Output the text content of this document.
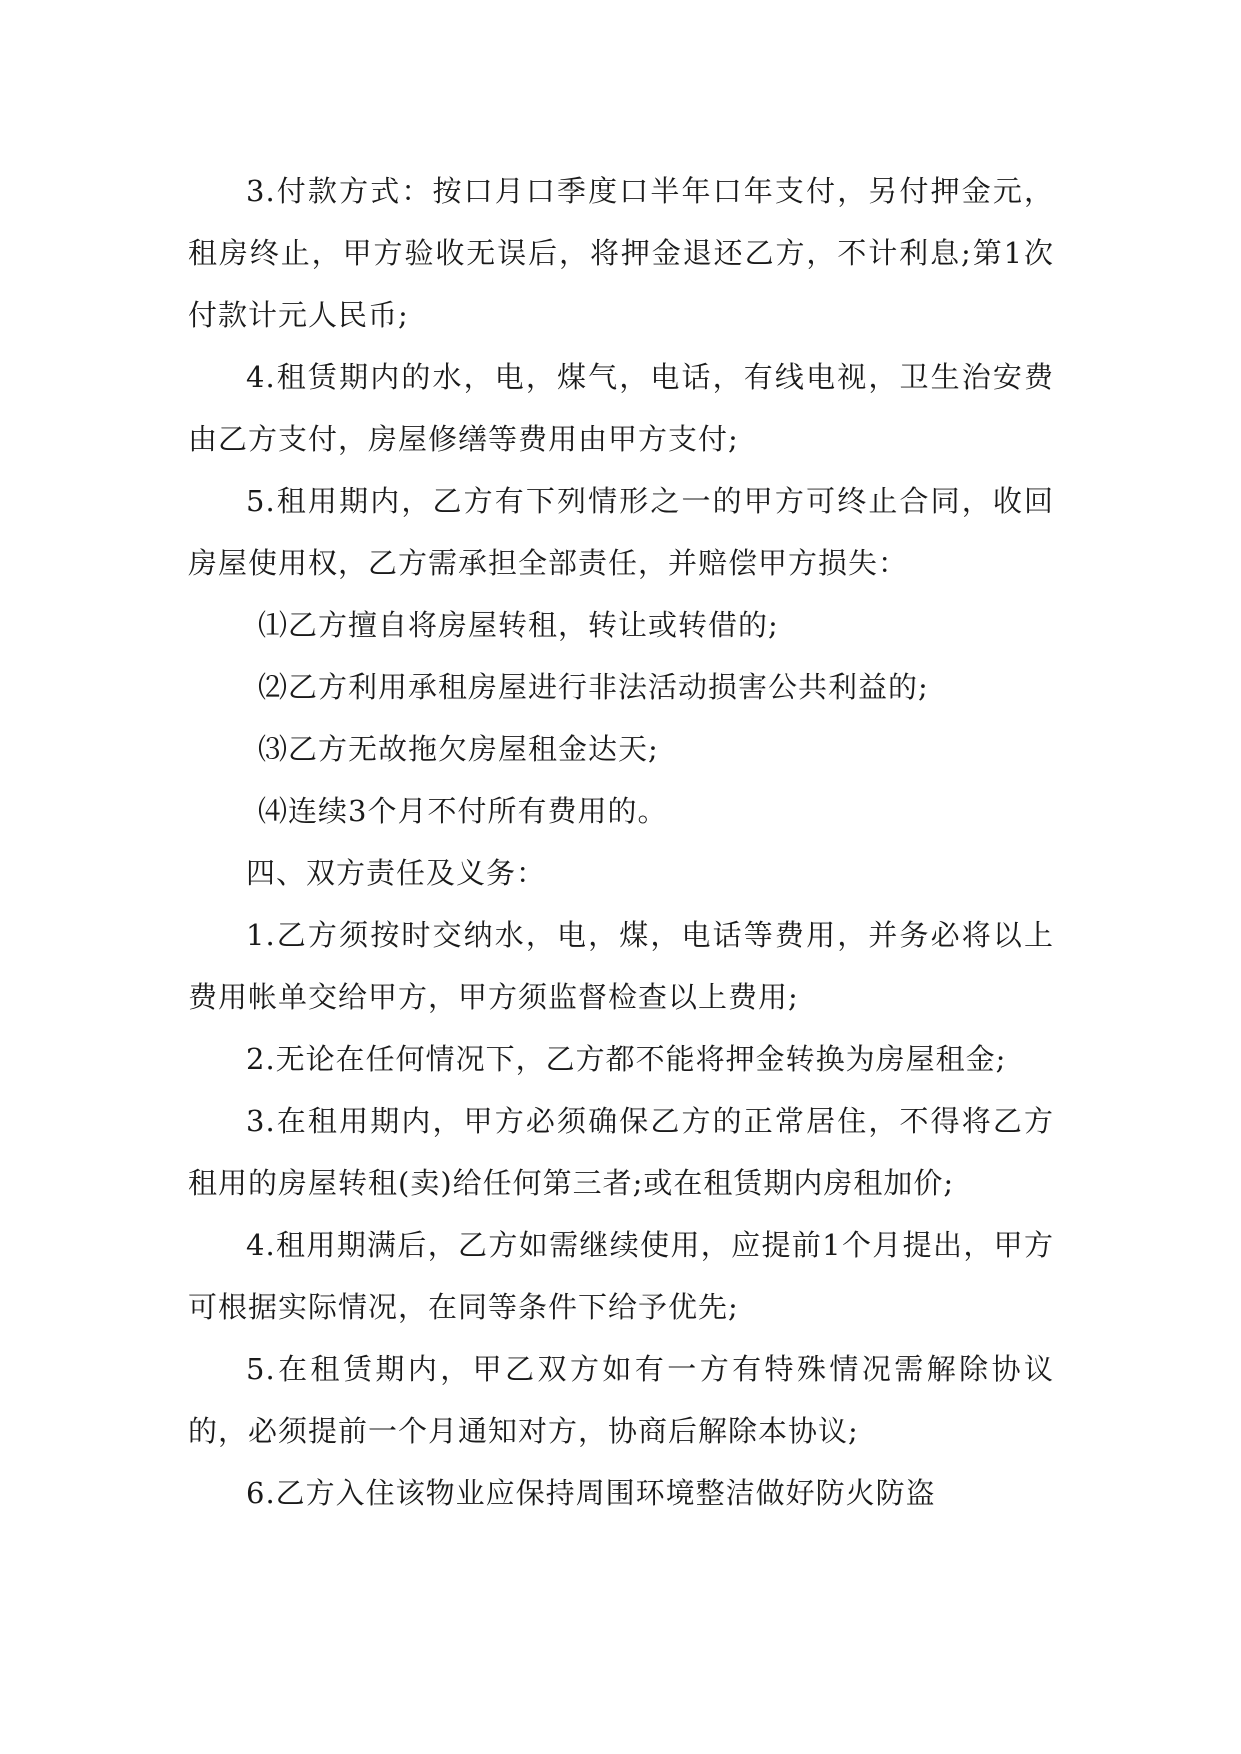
3.付款方式：按口月口季度口半年口年支付，另付押金元，租房终止，甲方验收无误后，将押金退还乙方，不计利息;第1次付款计元人民币;

4.租赁期内的水，电，煤气，电话，有线电视，卫生治安费由乙方支付，房屋修缮等费用由甲方支付;

5.租用期内，乙方有下列情形之一的甲方可终止合同，收回房屋使用权，乙方需承担全部责任，并赔偿甲方损失：

⑴乙方擅自将房屋转租，转让或转借的;

⑵乙方利用承租房屋进行非法活动损害公共利益的;

⑶乙方无故拖欠房屋租金达天;

⑷连续3个月不付所有费用的。

四、双方责任及义务：

1.乙方须按时交纳水，电，煤，电话等费用，并务必将以上费用帐单交给甲方，甲方须监督检查以上费用;

2.无论在任何情况下，乙方都不能将押金转换为房屋租金;

3.在租用期内，甲方必须确保乙方的正常居住，不得将乙方租用的房屋转租(卖)给任何第三者;或在租赁期内房租加价;

4.租用期满后，乙方如需继续使用，应提前1个月提出，甲方可根据实际情况，在同等条件下给予优先;

5.在租赁期内，甲乙双方如有一方有特殊情况需解除协议的，必须提前一个月通知对方，协商后解除本协议;

6.乙方入住该物业应保持周围环境整洁做好防火防盗
